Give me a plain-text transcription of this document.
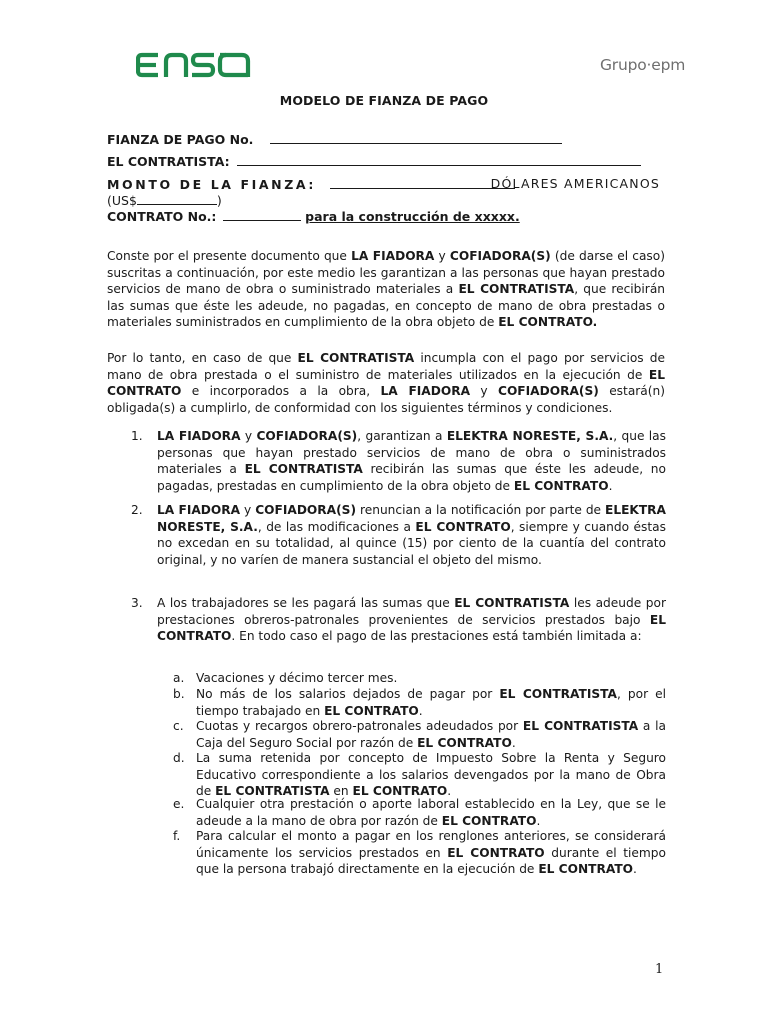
Grupo·epm
MODELO DE FIANZA DE PAGO
FIANZA DE PAGO No.
EL CONTRATISTA:
MONTO DE LA FIANZA:	DÓLARES AMERICANOS
(US$	)
CONTRATO No.:	para la construcción de xxxxx.
Conste por el presente documento que LA FIADORA y COFIADORA(S) (de darse el caso) suscritas a continuación, por este medio les garantizan a las personas que hayan prestado servicios de mano de obra o suministrado materiales a EL CONTRATISTA, que recibirán las sumas que éste les adeude, no pagadas, en concepto de mano de obra prestadas o materiales suministrados en cumplimiento de la obra objeto de EL CONTRATO.
Por lo tanto, en caso de que EL CONTRATISTA incumpla con el pago por servicios de mano de obra prestada o el suministro de materiales utilizados en la ejecución de EL CONTRATO e incorporados a la obra, LA FIADORA y COFIADORA(S) estará(n) obligada(s) a cumplirlo, de conformidad con los siguientes términos y condiciones.
1. LA FIADORA y COFIADORA(S), garantizan a ELEKTRA NORESTE, S.A., que las personas que hayan prestado servicios de mano de obra o suministrados materiales a EL CONTRATISTA recibirán las sumas que éste les adeude, no pagadas, prestadas en cumplimiento de la obra objeto de EL CONTRATO.
2. LA FIADORA y COFIADORA(S) renuncian a la notificación por parte de ELEKTRA NORESTE, S.A., de las modificaciones a EL CONTRATO, siempre y cuando éstas no excedan en su totalidad, al quince (15) por ciento de la cuantía del contrato original, y no varíen de manera sustancial el objeto del mismo.
3. A los trabajadores se les pagará las sumas que EL CONTRATISTA les adeude por prestaciones obreros-patronales provenientes de servicios prestados bajo EL CONTRATO. En todo caso el pago de las prestaciones está también limitada a:
a. Vacaciones y décimo tercer mes.
b. No más de los salarios dejados de pagar por EL CONTRATISTA, por el tiempo trabajado en EL CONTRATO.
c. Cuotas y recargos obrero-patronales adeudados por EL CONTRATISTA a la Caja del Seguro Social por razón de EL CONTRATO.
d. La suma retenida por concepto de Impuesto Sobre la Renta y Seguro Educativo correspondiente a los salarios devengados por la mano de Obra de EL CONTRATISTA en EL CONTRATO.
e. Cualquier otra prestación o aporte laboral establecido en la Ley, que se le adeude a la mano de obra por razón de EL CONTRATO.
f. Para calcular el monto a pagar en los renglones anteriores, se considerará únicamente los servicios prestados en EL CONTRATO durante el tiempo que la persona trabajó directamente en la ejecución de EL CONTRATO.
1
